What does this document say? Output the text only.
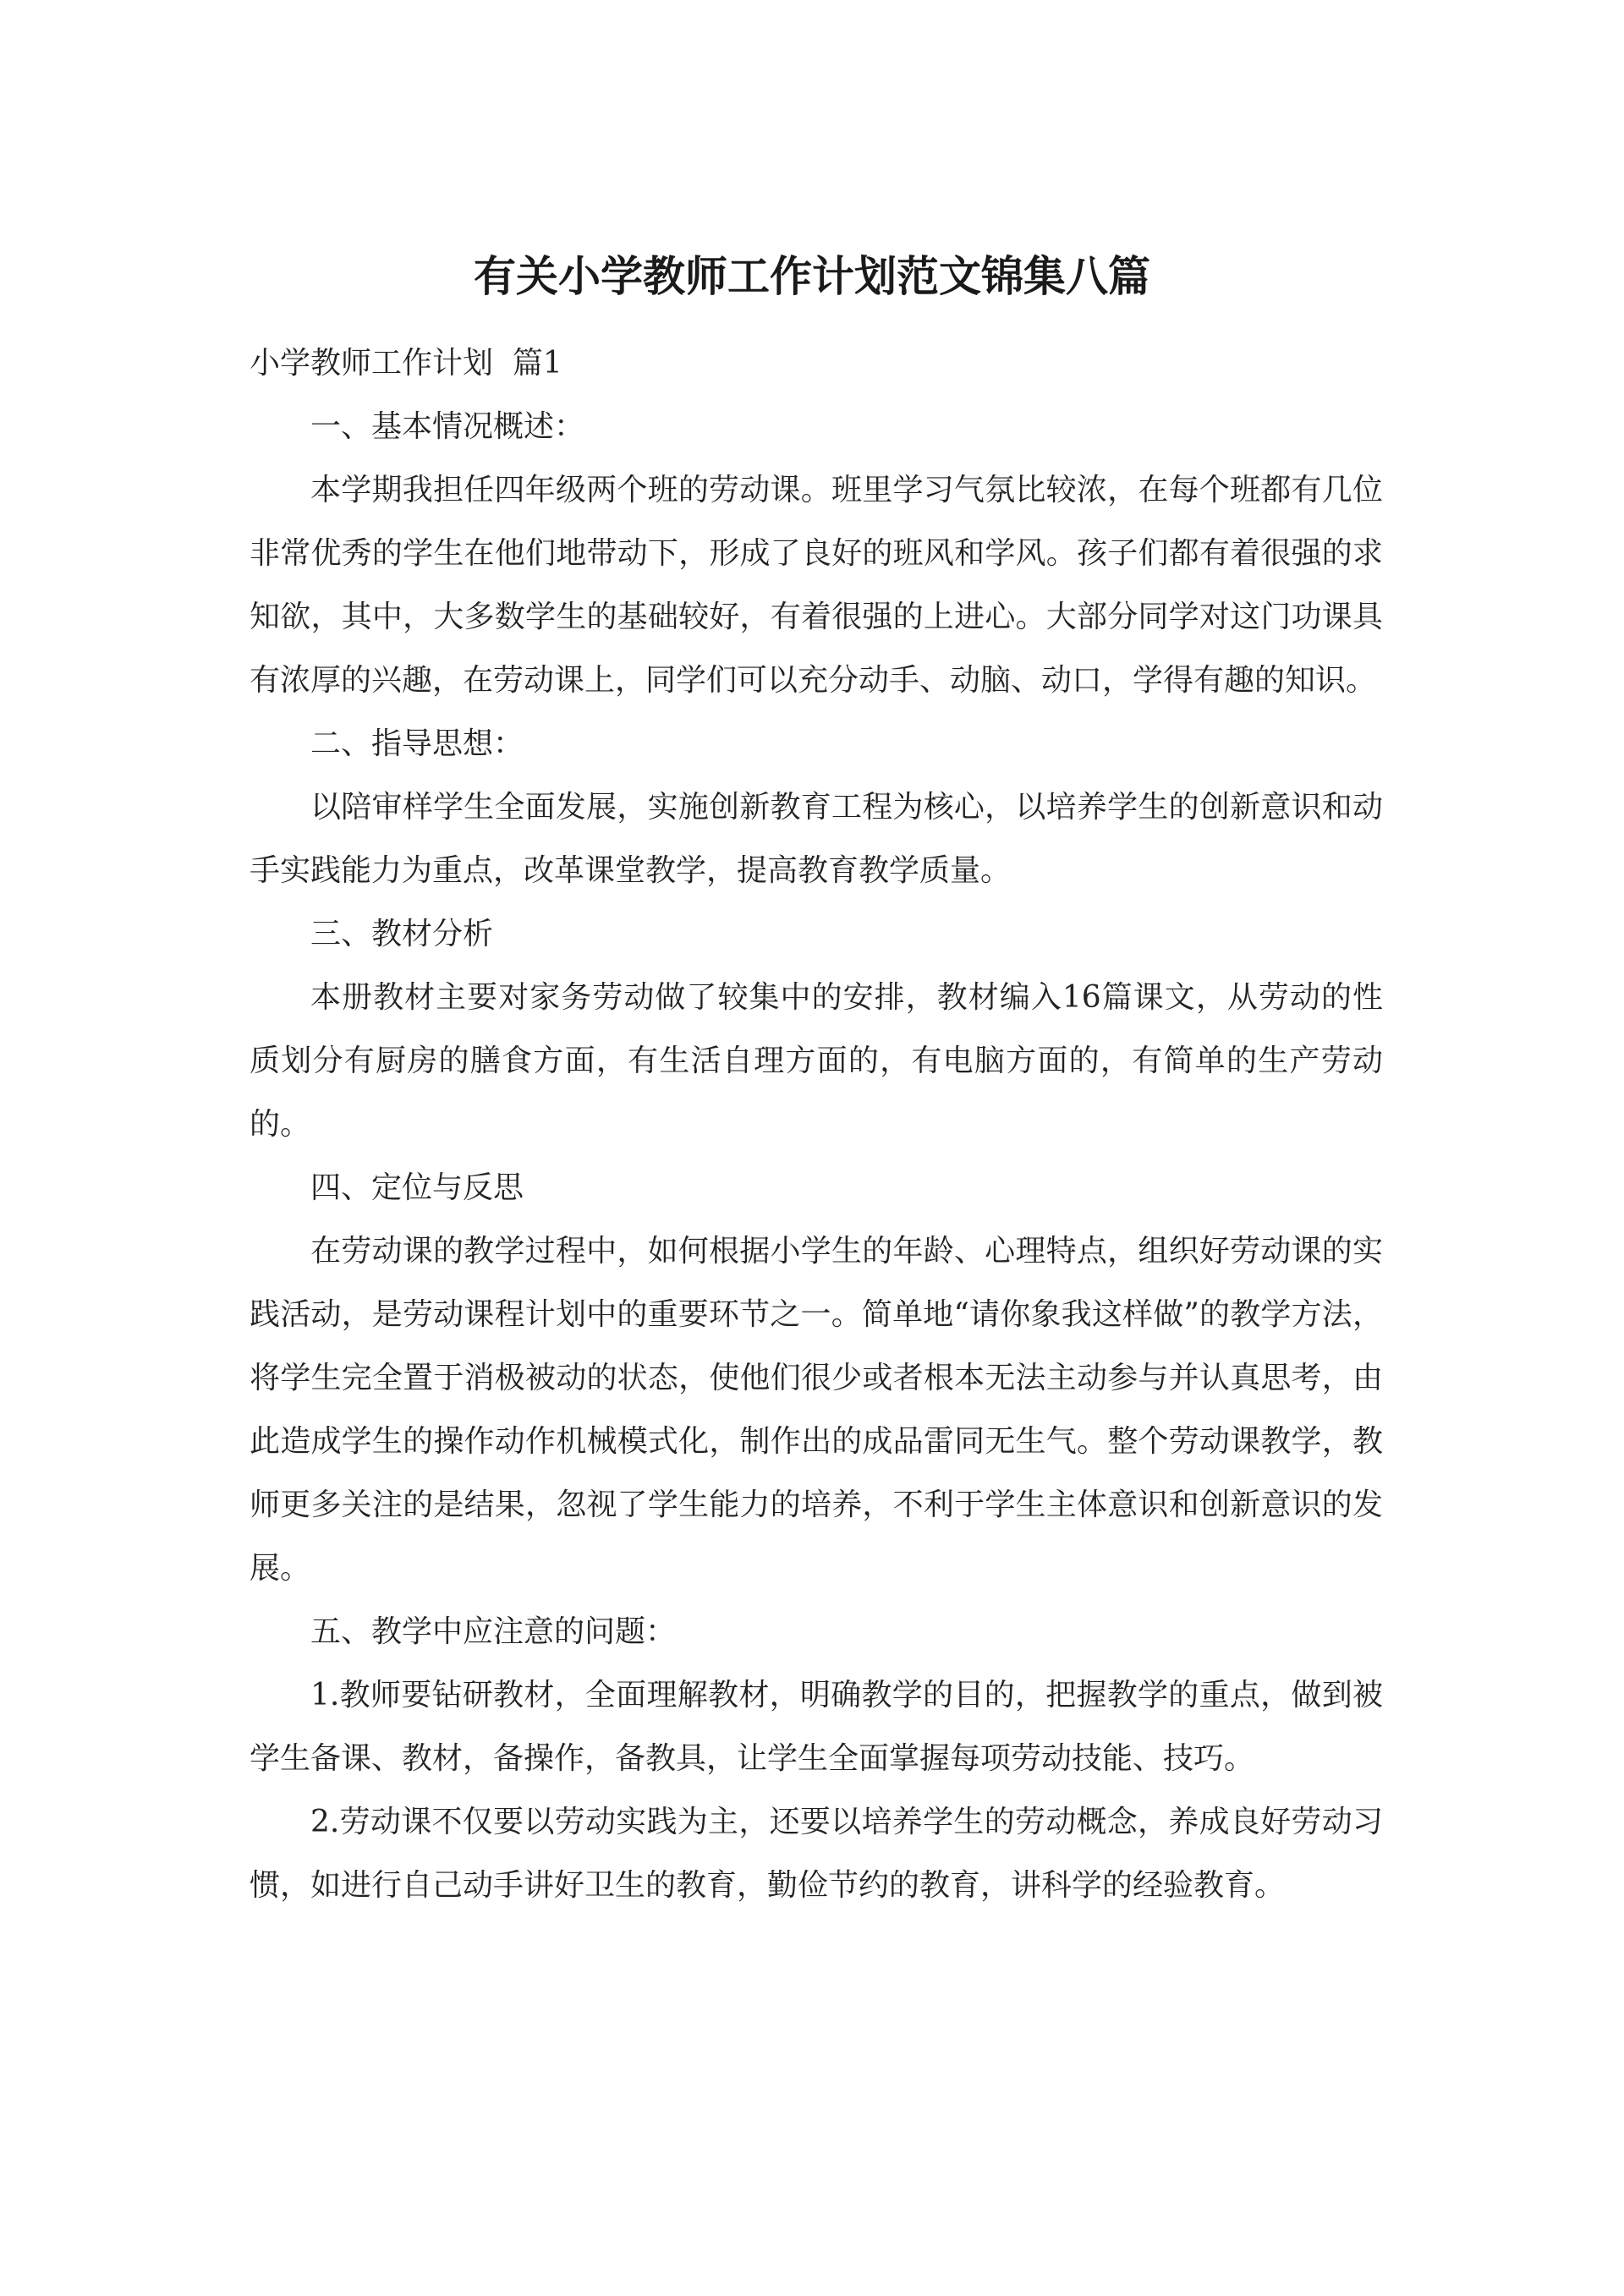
有关小学教师工作计划范文锦集八篇

小学教师工作计划  篇1

一、基本情况概述：

本学期我担任四年级两个班的劳动课。班里学习气氛比较浓，在每个班都有几位非常优秀的学生在他们地带动下，形成了良好的班风和学风。孩子们都有着很强的求知欲，其中，大多数学生的基础较好，有着很强的上进心。大部分同学对这门功课具有浓厚的兴趣，在劳动课上，同学们可以充分动手、动脑、动口，学得有趣的知识。

二、指导思想：

以陪审样学生全面发展，实施创新教育工程为核心，以培养学生的创新意识和动手实践能力为重点，改革课堂教学，提高教育教学质量。

三、教材分析

本册教材主要对家务劳动做了较集中的安排，教材编入16篇课文，从劳动的性质划分有厨房的膳食方面，有生活自理方面的，有电脑方面的，有简单的生产劳动的。

四、定位与反思

在劳动课的教学过程中，如何根据小学生的年龄、心理特点，组织好劳动课的实践活动，是劳动课程计划中的重要环节之一。简单地“请你象我这样做”的教学方法，将学生完全置于消极被动的状态，使他们很少或者根本无法主动参与并认真思考，由此造成学生的操作动作机械模式化，制作出的成品雷同无生气。整个劳动课教学，教师更多关注的是结果，忽视了学生能力的培养，不利于学生主体意识和创新意识的发展。

五、教学中应注意的问题：

1.教师要钻研教材，全面理解教材，明确教学的目的，把握教学的重点，做到被学生备课、教材，备操作，备教具，让学生全面掌握每项劳动技能、技巧。

2.劳动课不仅要以劳动实践为主，还要以培养学生的劳动概念，养成良好劳动习惯，如进行自己动手讲好卫生的教育，勤俭节约的教育，讲科学的经验教育。
